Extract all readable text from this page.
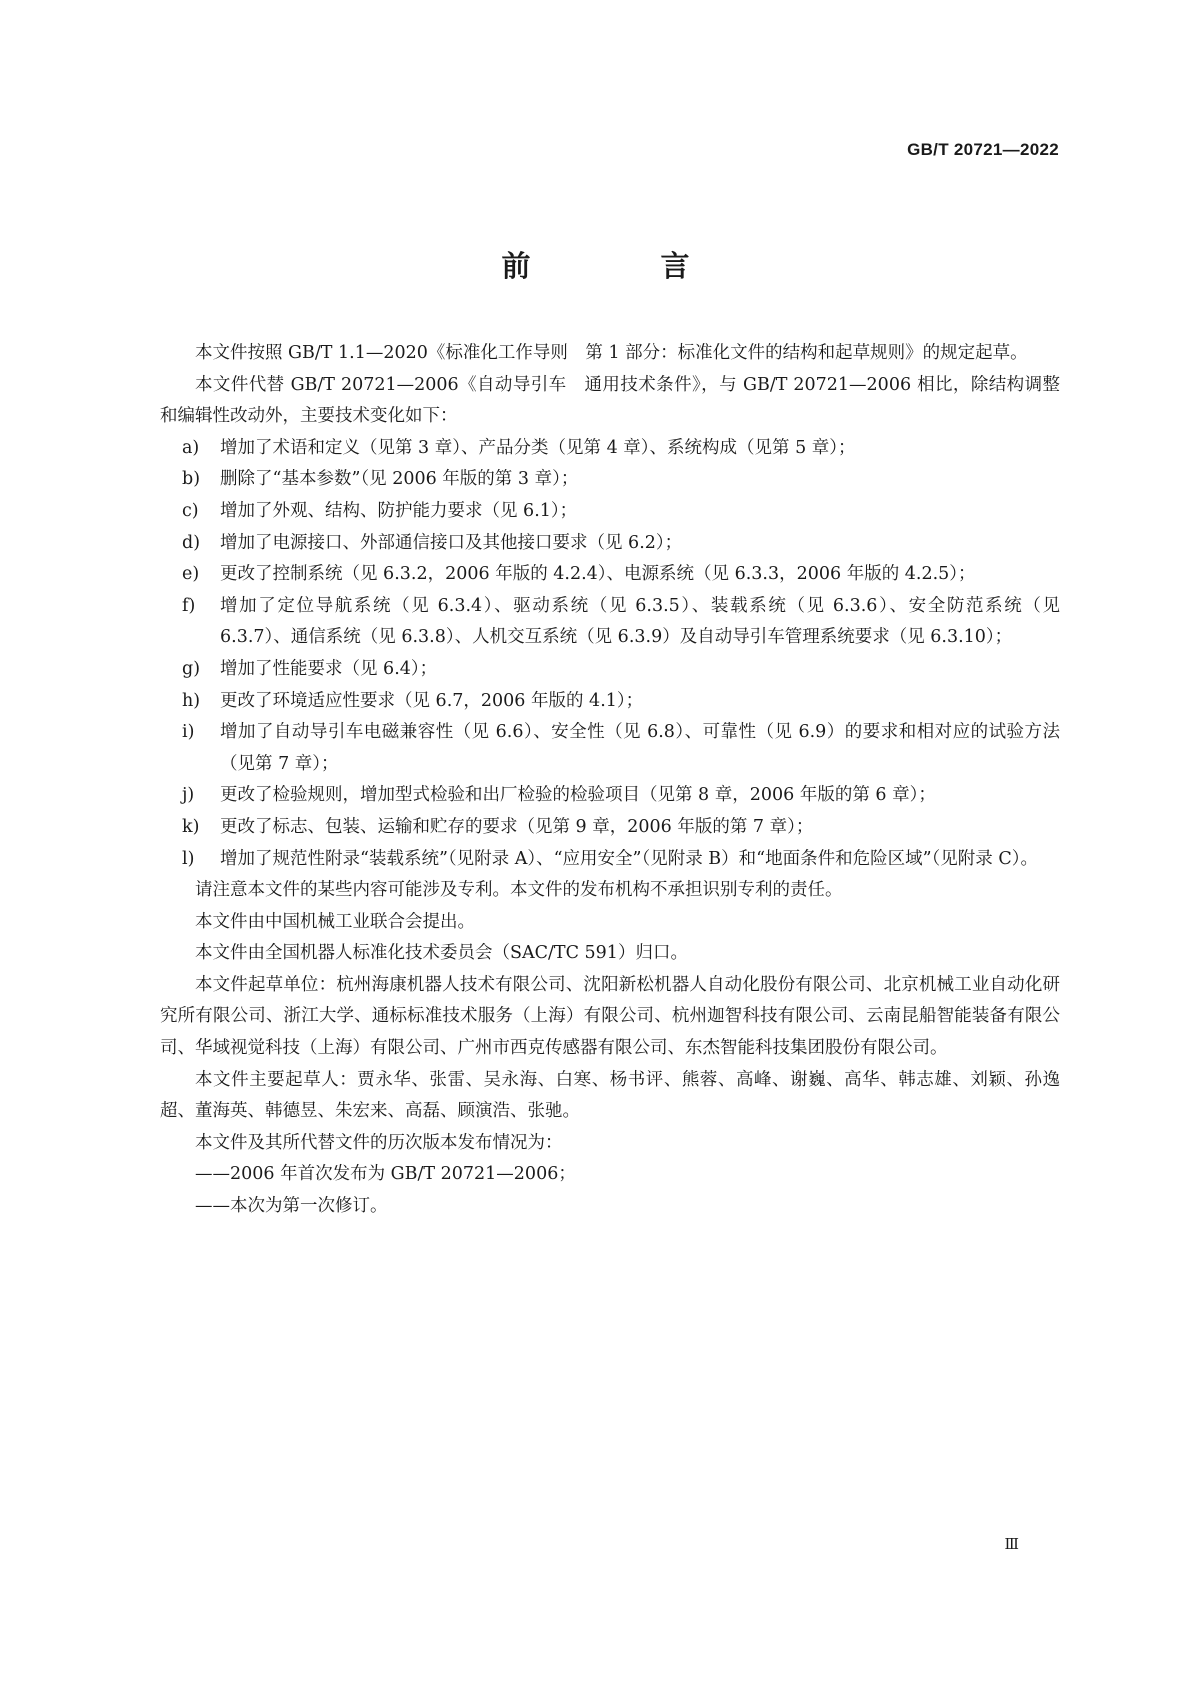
GB/T 20721—2022
前 言

本文件按照 GB/T 1.1—2020《标准化工作导则　第 1 部分：标准化文件的结构和起草规则》的规定起草。

本文件代替 GB/T 20721—2006《自动导引车　通用技术条件》，与 GB/T 20721—2006 相比，除结构调整和编辑性改动外，主要技术变化如下：

a)	增加了术语和定义（见第 3 章）、产品分类（见第 4 章）、系统构成（见第 5 章）；
b)	删除了“基本参数”（见 2006 年版的第 3 章）；
c)	增加了外观、结构、防护能力要求（见 6.1）；
d)	增加了电源接口、外部通信接口及其他接口要求（见 6.2）；
e)	更改了控制系统（见 6.3.2，2006 年版的 4.2.4）、电源系统（见 6.3.3，2006 年版的 4.2.5）；
f)	增加了定位导航系统（见 6.3.4）、驱动系统（见 6.3.5）、装载系统（见 6.3.6）、安全防范系统（见 6.3.7）、通信系统（见 6.3.8）、人机交互系统（见 6.3.9）及自动导引车管理系统要求（见 6.3.10）；
g)	增加了性能要求（见 6.4）；
h)	更改了环境适应性要求（见 6.7，2006 年版的 4.1）；
i)	增加了自动导引车电磁兼容性（见 6.6）、安全性（见 6.8）、可靠性（见 6.9）的要求和相对应的试验方法（见第 7 章）；
j)	更改了检验规则，增加型式检验和出厂检验的检验项目（见第 8 章，2006 年版的第 6 章）；
k)	更改了标志、包装、运输和贮存的要求（见第 9 章，2006 年版的第 7 章）；
l)	增加了规范性附录“装载系统”（见附录 A）、“应用安全”（见附录 B）和“地面条件和危险区域”（见附录 C）。

请注意本文件的某些内容可能涉及专利。本文件的发布机构不承担识别专利的责任。

本文件由中国机械工业联合会提出。

本文件由全国机器人标准化技术委员会（SAC/TC 591）归口。

本文件起草单位：杭州海康机器人技术有限公司、沈阳新松机器人自动化股份有限公司、北京机械工业自动化研究所有限公司、浙江大学、通标标准技术服务（上海）有限公司、杭州迦智科技有限公司、云南昆船智能装备有限公司、华域视觉科技（上海）有限公司、广州市西克传感器有限公司、东杰智能科技集团股份有限公司。

本文件主要起草人：贾永华、张雷、吴永海、白寒、杨书评、熊蓉、高峰、谢巍、高华、韩志雄、刘颖、孙逸超、董海英、韩德昱、朱宏来、高磊、顾演浩、张驰。

本文件及其所代替文件的历次版本发布情况为：

——2006 年首次发布为 GB/T 20721—2006；

——本次为第一次修订。

Ⅲ
